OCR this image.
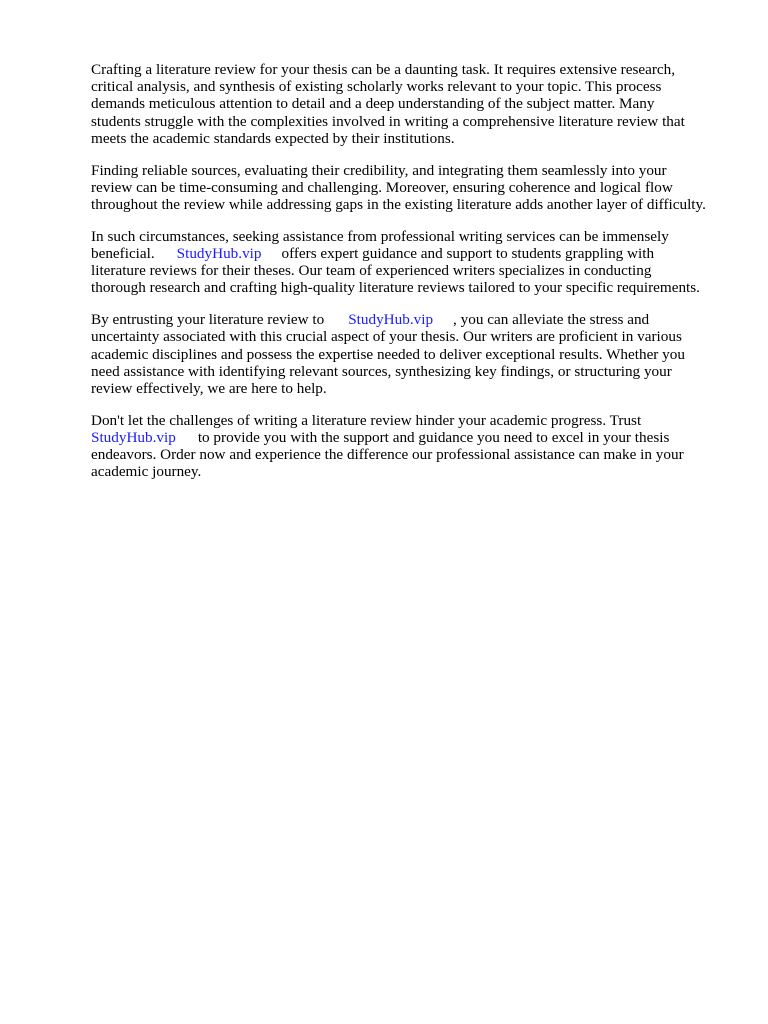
Crafting a literature review for your thesis can be a daunting task. It requires extensive research,
critical analysis, and synthesis of existing scholarly works relevant to your topic. This process
demands meticulous attention to detail and a deep understanding of the subject matter. Many
students struggle with the complexities involved in writing a comprehensive literature review that
meets the academic standards expected by their institutions.

Finding reliable sources, evaluating their credibility, and integrating them seamlessly into your
review can be time-consuming and challenging. Moreover, ensuring coherence and logical flow
throughout the review while addressing gaps in the existing literature adds another layer of difficulty.

In such circumstances, seeking assistance from professional writing services can be immensely
beneficial. StudyHub.vip offers expert guidance and support to students grappling with
literature reviews for their theses. Our team of experienced writers specializes in conducting
thorough research and crafting high-quality literature reviews tailored to your specific requirements.

By entrusting your literature review to StudyHub.vip , you can alleviate the stress and
uncertainty associated with this crucial aspect of your thesis. Our writers are proficient in various
academic disciplines and possess the expertise needed to deliver exceptional results. Whether you
need assistance with identifying relevant sources, synthesizing key findings, or structuring your
review effectively, we are here to help.

Don't let the challenges of writing a literature review hinder your academic progress. Trust
StudyHub.vip to provide you with the support and guidance you need to excel in your thesis
endeavors. Order now and experience the difference our professional assistance can make in your
academic journey.
